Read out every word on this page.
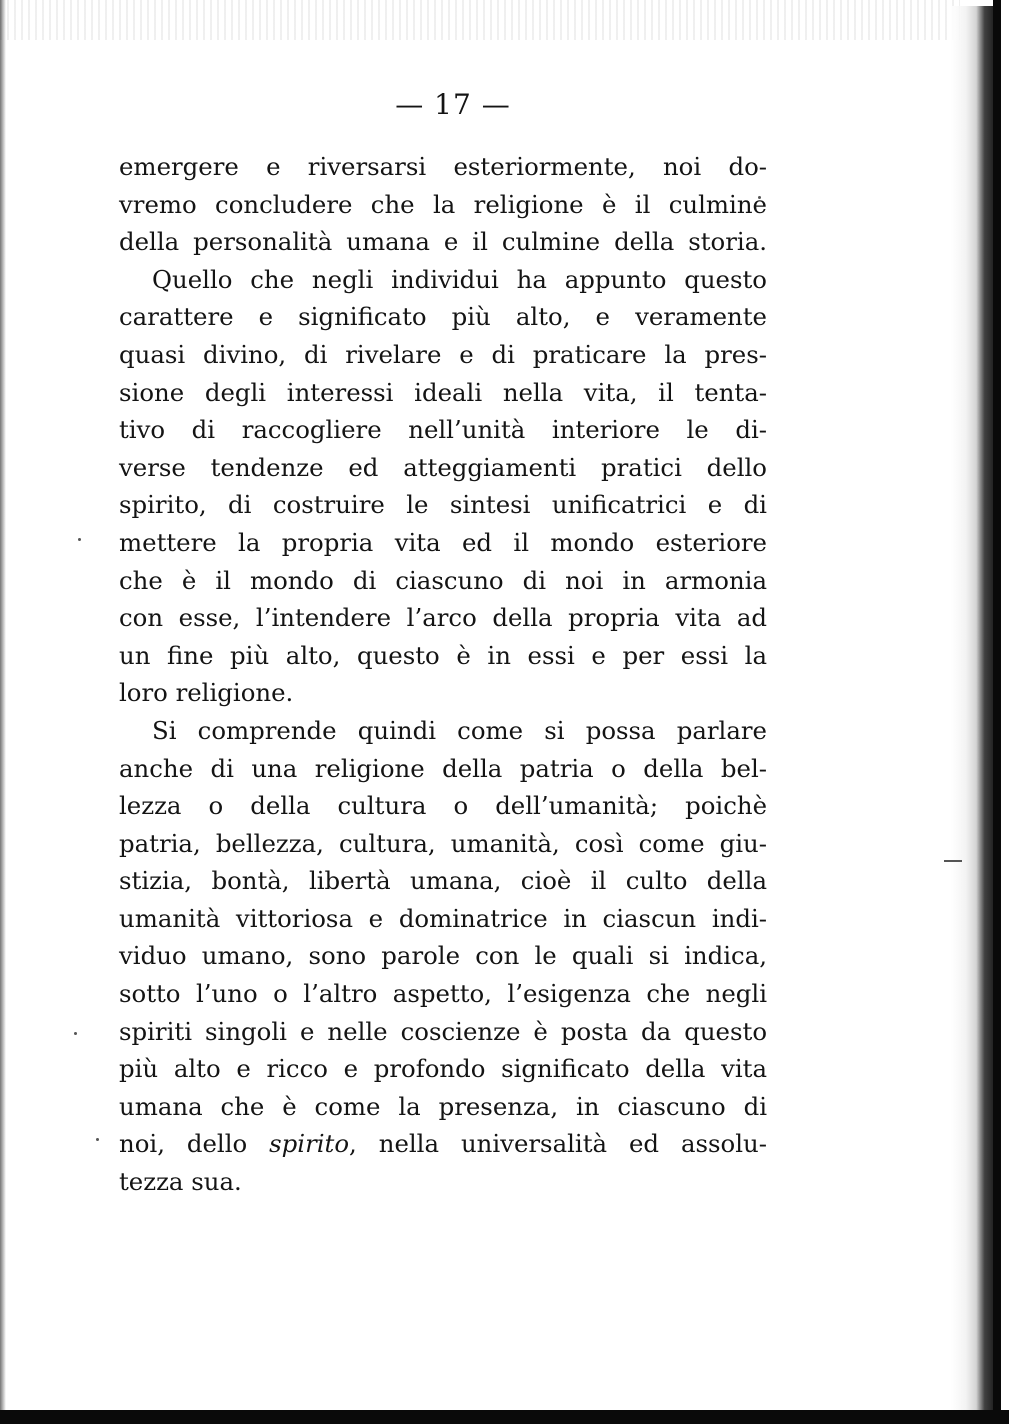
— 17 —
emergere e riversarsi esteriormente, noi do-
vremo concludere che la religione è il culmine
della personalità umana e il culmine della storia.
Quello che negli individui ha appunto questo
carattere e significato più alto, e veramente
quasi divino, di rivelare e di praticare la pres-
sione degli interessi ideali nella vita, il tenta-
tivo di raccogliere nell’unità interiore le di-
verse tendenze ed atteggiamenti pratici dello
spirito, di costruire le sintesi unificatrici e di
mettere la propria vita ed il mondo esteriore
che è il mondo di ciascuno di noi in armonia
con esse, l’intendere l’arco della propria vita ad
un fine più alto, questo è in essi e per essi la
loro religione.
Si comprende quindi come si possa parlare
anche di una religione della patria o della bel-
lezza o della cultura o dell’umanità; poichè
patria, bellezza, cultura, umanità, così come giu-
stizia, bontà, libertà umana, cioè il culto della
umanità vittoriosa e dominatrice in ciascun indi-
viduo umano, sono parole con le quali si indica,
sotto l’uno o l’altro aspetto, l’esigenza che negli
spiriti singoli e nelle coscienze è posta da questo
più alto e ricco e profondo significato della vita
umana che è come la presenza, in ciascuno di
noi, dello spirito, nella universalità ed assolu-
tezza sua.
